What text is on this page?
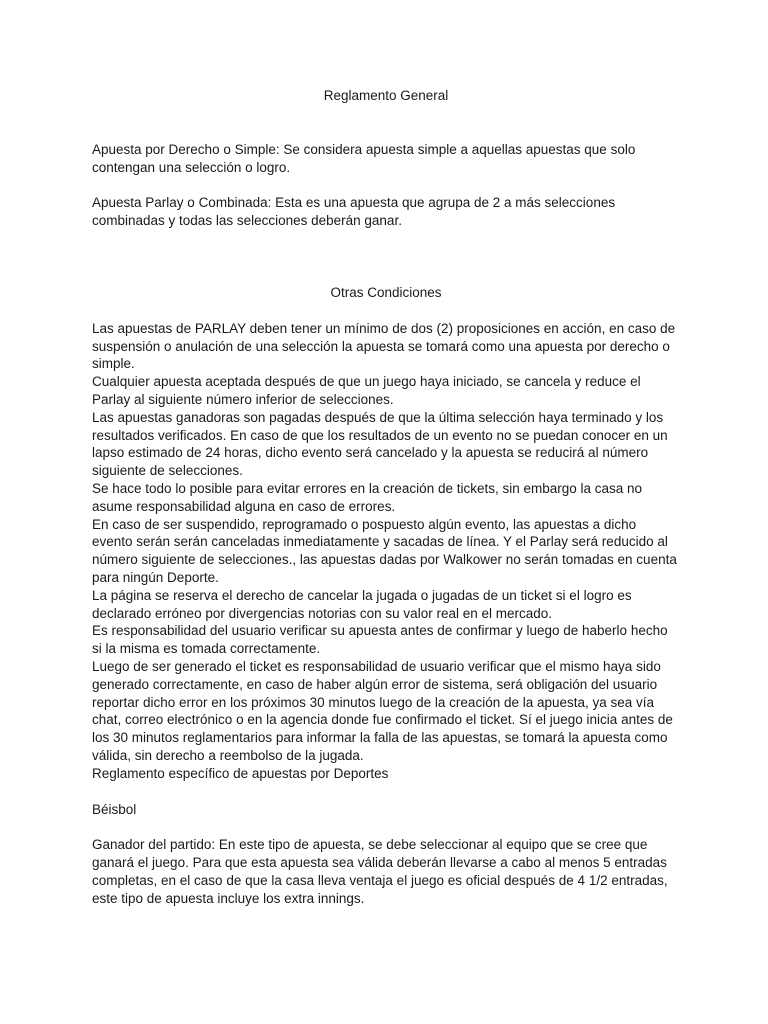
Reglamento General

Apuesta por Derecho o Simple: Se considera apuesta simple a aquellas apuestas que solo contengan una selección o logro.

Apuesta Parlay o Combinada: Esta es una apuesta que agrupa de 2 a más selecciones combinadas y todas las selecciones deberán ganar.

Otras Condiciones

Las apuestas de PARLAY deben tener un mínimo de dos (2) proposiciones en acción, en caso de suspensión o anulación de una selección la apuesta se tomará como una apuesta por derecho o simple.

Cualquier apuesta aceptada después de que un juego haya iniciado, se cancela y reduce el Parlay al siguiente número inferior de selecciones.

Las apuestas ganadoras son pagadas después de que la última selección haya terminado y los resultados verificados. En caso de que los resultados de un evento no se puedan conocer en un lapso estimado de 24 horas, dicho evento será cancelado y la apuesta se reducirá al número siguiente de selecciones.

Se hace todo lo posible para evitar errores en la creación de tickets, sin embargo la casa no asume responsabilidad alguna en caso de errores.

En caso de ser suspendido, reprogramado o pospuesto algún evento, las apuestas a dicho evento serán serán canceladas inmediatamente y sacadas de línea. Y el Parlay será reducido al número siguiente de selecciones., las apuestas dadas por Walkower no serán tomadas en cuenta para ningún Deporte.

La página se reserva el derecho de cancelar la jugada o jugadas de un ticket si el logro es declarado erróneo por divergencias notorias con su valor real en el mercado.

Es responsabilidad del usuario verificar su apuesta antes de confirmar y luego de haberlo hecho si la misma es tomada correctamente.

Luego de ser generado el ticket es responsabilidad de usuario verificar que el mismo haya sido generado correctamente, en caso de haber algún error de sistema, será obligación del usuario reportar dicho error en los próximos 30 minutos luego de la creación de la apuesta, ya sea vía chat, correo electrónico o en la agencia donde fue confirmado el ticket. Sí el juego inicia antes de los 30 minutos reglamentarios para informar la falla de las apuestas, se tomará la apuesta como válida, sin derecho a reembolso de la jugada.

Reglamento específico de apuestas por Deportes

Béisbol

Ganador del partido: En este tipo de apuesta, se debe seleccionar al equipo que se cree que ganará el juego. Para que esta apuesta sea válida deberán llevarse a cabo al menos 5 entradas completas, en el caso de que la casa lleva ventaja el juego es oficial después de 4 1/2 entradas, este tipo de apuesta incluye los extra innings.
